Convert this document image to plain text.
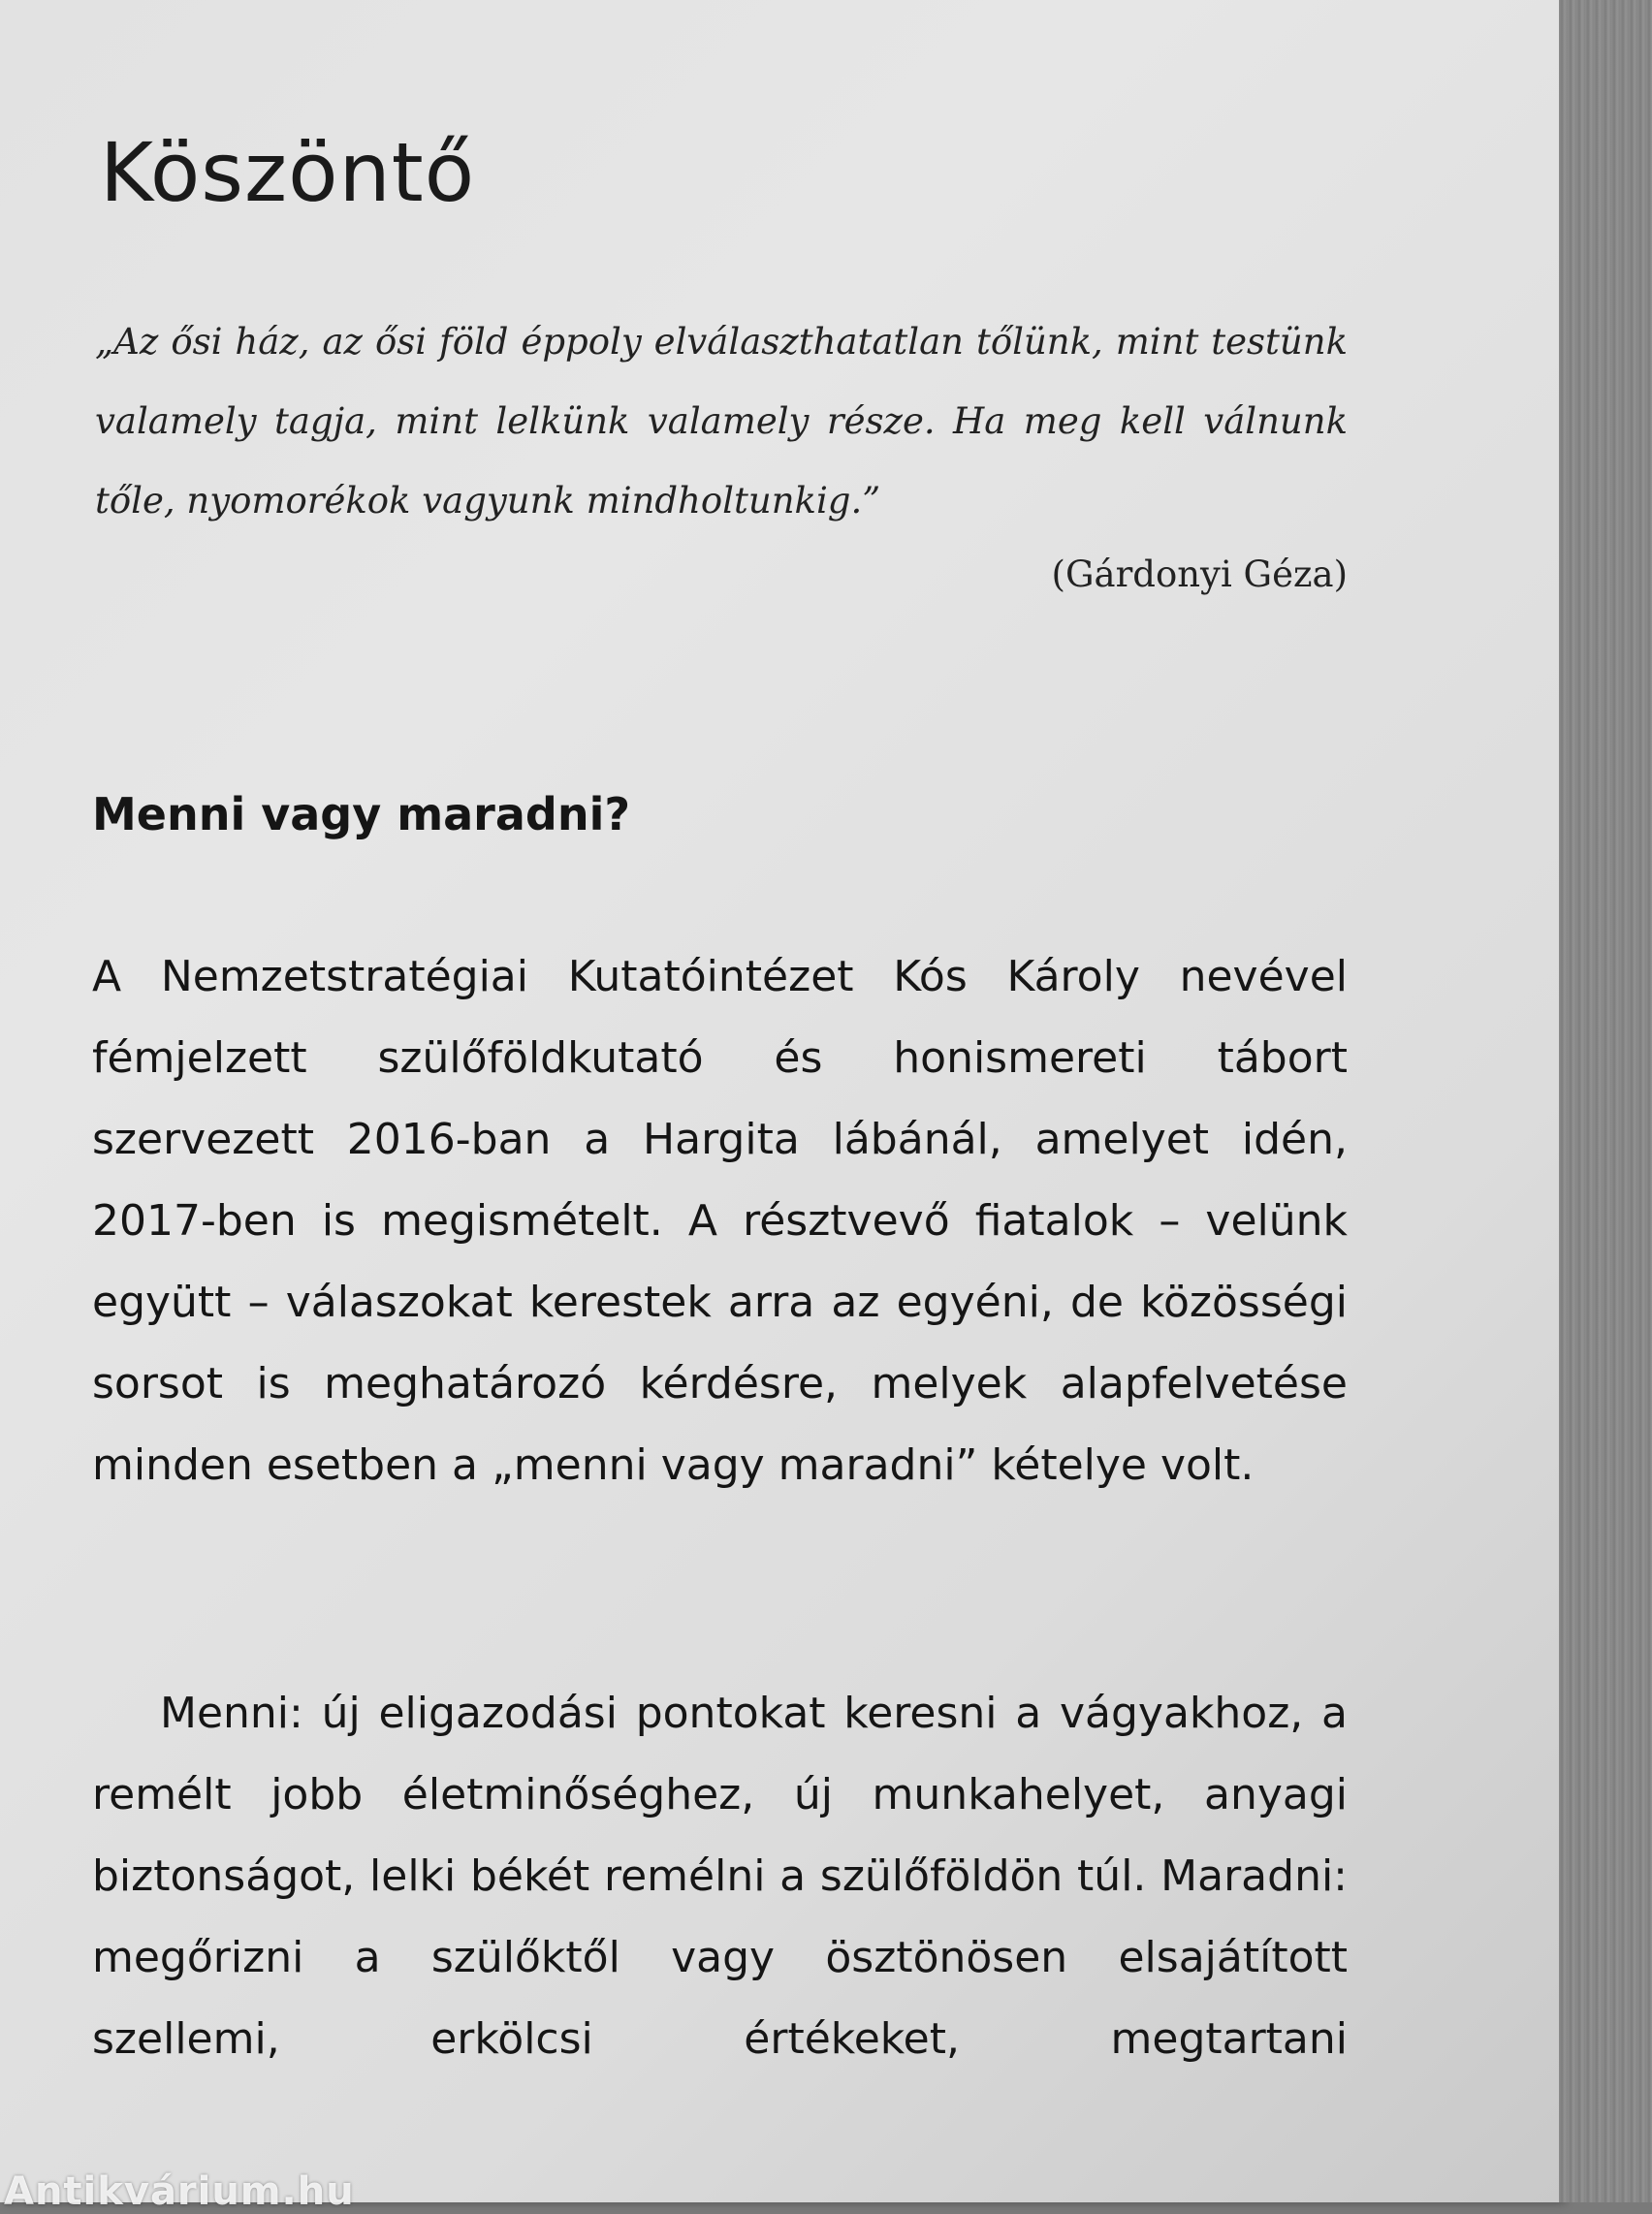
Köszöntő

„Az ősi ház, az ősi föld éppoly elválaszthatatlan tőlünk, mint testünk valamely tagja, mint lelkünk valamely része. Ha meg kell válnunk tőle, nyomorékok vagyunk mindholtunkig.”

(Gárdonyi Géza)

Menni vagy maradni?

A Nemzetstratégiai Kutatóintézet Kós Károly nevével fémjelzett szülőföldkutató és honismereti tábort szervezett 2016-ban a Hargita lábánál, amelyet idén, 2017-ben is megismételt. A résztvevő fiatalok – velünk együtt – válaszokat kerestek arra az egyéni, de közösségi sorsot is meghatározó kérdésre, melyek alapfelvetése minden esetben a „menni vagy maradni” kételye volt.

Menni: új eligazodási pontokat keresni a vágyakhoz, a remélt jobb életminőséghez, új munkahelyet, anyagi biztonságot, lelki békét remélni a szülőföldön túl. Maradni: megőrizni a szülőktől vagy ösztönösen elsajátított szellemi, erkölcsi értékeket, megtartani

Antikvárium.hu
